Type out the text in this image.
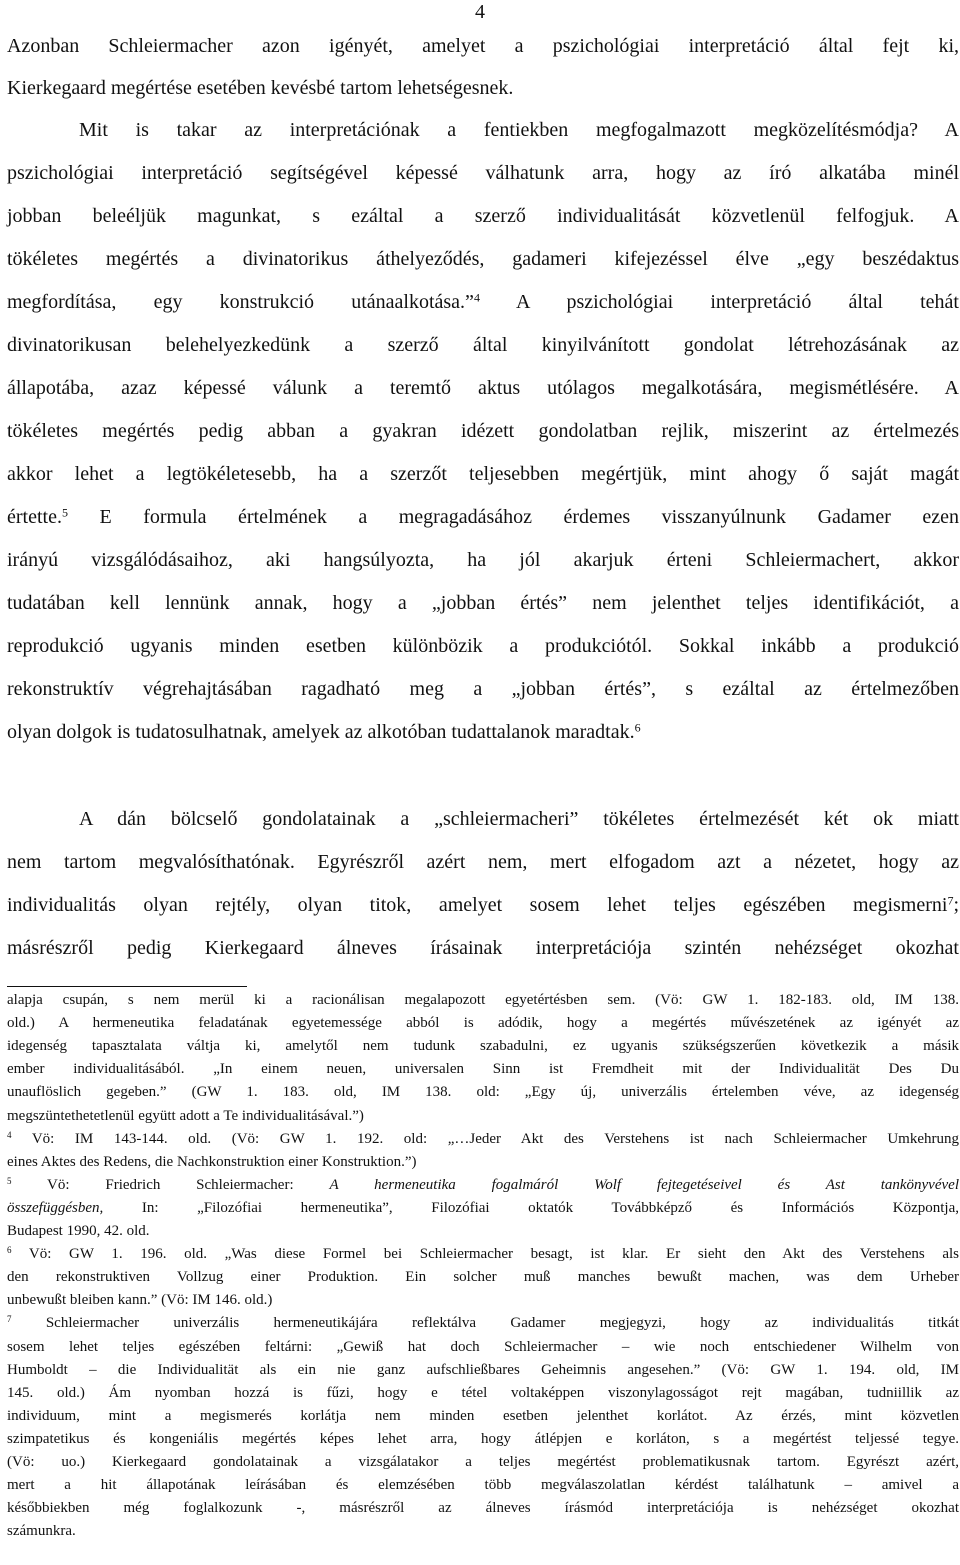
4
Azonban Schleiermacher azon igényét, amelyet a pszichológiai interpretáció által fejt ki,
Kierkegaard megértése esetében kevésbé tartom lehetségesnek.
Mit is takar az interpretációnak a fentiekben megfogalmazott megközelítésmódja? A
pszichológiai interpretáció segítségével képessé válhatunk arra, hogy az író alkatába minél
jobban beleéljük magunkat, s ezáltal a szerző individualitását közvetlenül felfogjuk. A
tökéletes megértés a divinatorikus áthelyeződés, gadameri kifejezéssel élve „egy beszédaktus
megfordítása, egy konstrukció utánaalkotása.”$^4$ A pszichológiai interpretáció által tehát
divinatorikusan belehelyezkedünk a szerző által kinyilvánított gondolat létrehozásának az
állapotába, azaz képessé válunk a teremtő aktus utólagos megalkotására, megismétlésére. A
tökéletes megértés pedig abban a gyakran idézett gondolatban rejlik, miszerint az értelmezés
akkor lehet a legtökéletesebb, ha a szerzőt teljesebben megértjük, mint ahogy ő saját magát
értette.$^5$ E formula értelmének a megragadásához érdemes visszanyúlnunk Gadamer ezen
irányú vizsgálódásaihoz, aki hangsúlyozta, ha jól akarjuk érteni Schleiermachert, akkor
tudatában kell lennünk annak, hogy a „jobban értés” nem jelenthet teljes identifikációt, a
reprodukció ugyanis minden esetben különbözik a produkciótól. Sokkal inkább a produkció
rekonstruktív végrehajtásában ragadható meg a „jobban értés”, s ezáltal az értelmezőben
olyan dolgok is tudatosulhatnak, amelyek az alkotóban tudattalanok maradtak.$^6$
A dán bölcselő gondolatainak a „schleiermacheri” tökéletes értelmezését két ok miatt
nem tartom megvalósíthatónak. Egyrészről azért nem, mert elfogadom azt a nézetet, hogy az
individualitás olyan rejtély, olyan titok, amelyet sosem lehet teljes egészében megismerni$^7$;
másrészről pedig Kierkegaard álneves írásainak interpretációja szintén nehézséget okozhat
alapja csupán, s nem merül ki a racionálisan megalapozott egyetértésben sem. (Vö: GW 1. 182-183. old, IM 138.
old.) A hermeneutika feladatának egyetemessége abból is adódik, hogy a megértés művészetének az igényét az
idegenség tapasztalata váltja ki, amelytől nem tudunk szabadulni, ez ugyanis szükségszerűen következik a másik
ember individualitásából. „In einem neuen, universalen Sinn ist Fremdheit mit der Individualität Des Du
unauflöslich gegeben.” (GW 1. 183. old, IM 138. old: „Egy új, univerzális értelemben véve, az idegenség
megszüntethetetlenül együtt adott a Te individualitásával.”)
$^4$ Vö: IM 143-144. old. (Vö: GW 1. 192. old: „…Jeder Akt des Verstehens ist nach Schleiermacher Umkehrung
eines Aktes des Redens, die Nachkonstruktion einer Konstruktion.”)
$^5$ Vö: Friedrich Schleiermacher: A hermeneutika fogalmáról Wolf fejtegetéseivel és Ast tankönyvével
összefüggésben, In: „Filozófiai hermeneutika”, Filozófiai oktatók Továbbképző és Információs Központja,
Budapest 1990, 42. old.
$^6$ Vö: GW 1. 196. old. „Was diese Formel bei Schleiermacher besagt, ist klar. Er sieht den Akt des Verstehens als
den rekonstruktiven Vollzug einer Produktion. Ein solcher muß manches bewußt machen, was dem Urheber
unbewußt bleiben kann.” (Vö: IM 146. old.)
$^7$ Schleiermacher univerzális hermeneutikájára reflektálva Gadamer megjegyzi, hogy az individualitás titkát
sosem lehet teljes egészében feltárni: „Gewiß hat doch Schleiermacher – wie noch entschiedener Wilhelm von
Humboldt – die Individualität als ein nie ganz aufschließbares Geheimnis angesehen.” (Vö: GW 1. 194. old, IM
145. old.) Ám nyomban hozzá is fűzi, hogy e tétel voltaképpen viszonylagosságot rejt magában, tudniillik az
individuum, mint a megismerés korlátja nem minden esetben jelenthet korlátot. Az érzés, mint közvetlen
szimpatetikus és kongeniális megértés képes lehet arra, hogy átlépjen e korláton, s a megértést teljessé tegye.
(Vö: uo.) Kierkegaard gondolatainak a vizsgálatakor a teljes megértést problematikusnak tartom. Egyrészt azért,
mert a hit állapotának leírásában és elemzésében több megválaszolatlan kérdést találhatunk – amivel a
későbbiekben még foglalkozunk -, másrészről az álneves írásmód interpretációja is nehézséget okozhat
számunkra.
